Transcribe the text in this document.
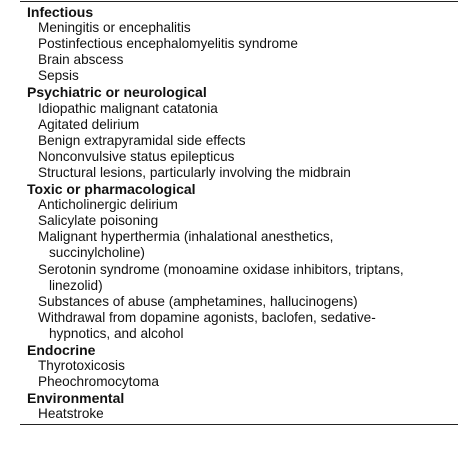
Infectious
Meningitis or encephalitis
Postinfectious encephalomyelitis syndrome
Brain abscess
Sepsis
Psychiatric or neurological
Idiopathic malignant catatonia
Agitated delirium
Benign extrapyramidal side effects
Nonconvulsive status epilepticus
Structural lesions, particularly involving the midbrain
Toxic or pharmacological
Anticholinergic delirium
Salicylate poisoning
Malignant hyperthermia (inhalational anesthetics,
succinylcholine)
Serotonin syndrome (monoamine oxidase inhibitors, triptans,
linezolid)
Substances of abuse (amphetamines, hallucinogens)
Withdrawal from dopamine agonists, baclofen, sedative-
hypnotics, and alcohol
Endocrine
Thyrotoxicosis
Pheochromocytoma
Environmental
Heatstroke
